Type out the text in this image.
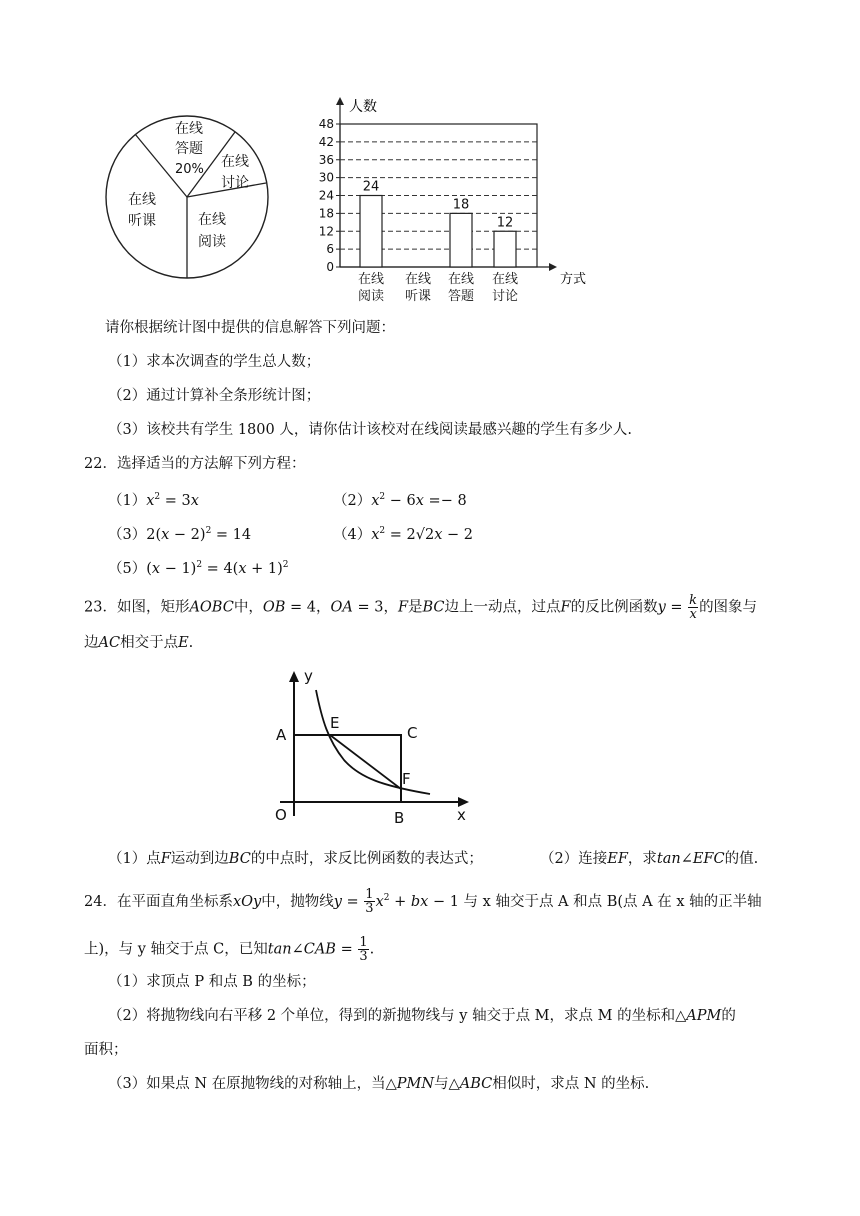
在线
答题
20% 在线
讨论
在线
阅读
在线
听课
人数
方式
0
6
12
18
24
30
36
42
48
24
在线
阅读
在线
听课
18
在线
答题
12
在线
讨论
请你根据统计图中提供的信息解答下列问题：
（1）求本次调查的学生总人数；
（2）通过计算补全条形统计图；
（3）该校共有学生 1800 人，请你估计该校对在线阅读最感兴趣的学生有多少人.
22．选择适当的方法解下列方程：
$(1)x^2 = 3x$	$(2)x^2 - 6x =- 8$
$(3)2(x - 2)^2 = 14$	$(4)x^2 = 2√2x - 2$
$(5)(x - 1)^2 = 4(x + 1)^2$
23．如图，矩形AOBC中，OB = 4，OA = 3，F是BC边上一动点，过点F的反比例函数$y = \frac{k}{x}$ 的图象与
边AC相交于点E.
y
x
A
E
C
F
O	B
（1）点F运动到边BC的中点时，求反比例函数的表达式；	（2）连接EF，求tan∠EFC的值.
24．在平面直角坐标系xOy中，抛物线$y = \frac{1}{3} x^2$ + bx − 1 与 x 轴交于点 A 和点 B(点 A 在 x 轴的正半轴
上)，与 y 轴交于点 C，已知tan∠CAB = $\frac{1}{3}$ .
（1）求顶点 P 和点 B 的坐标；
（2）将抛物线向右平移 2 个单位，得到的新抛物线与 y 轴交于点 M，求点 M 的坐标和△APM的
面积；
（3）如果点 N 在原抛物线的对称轴上，当△PMN与△ABC相似时，求点 N 的坐标.
